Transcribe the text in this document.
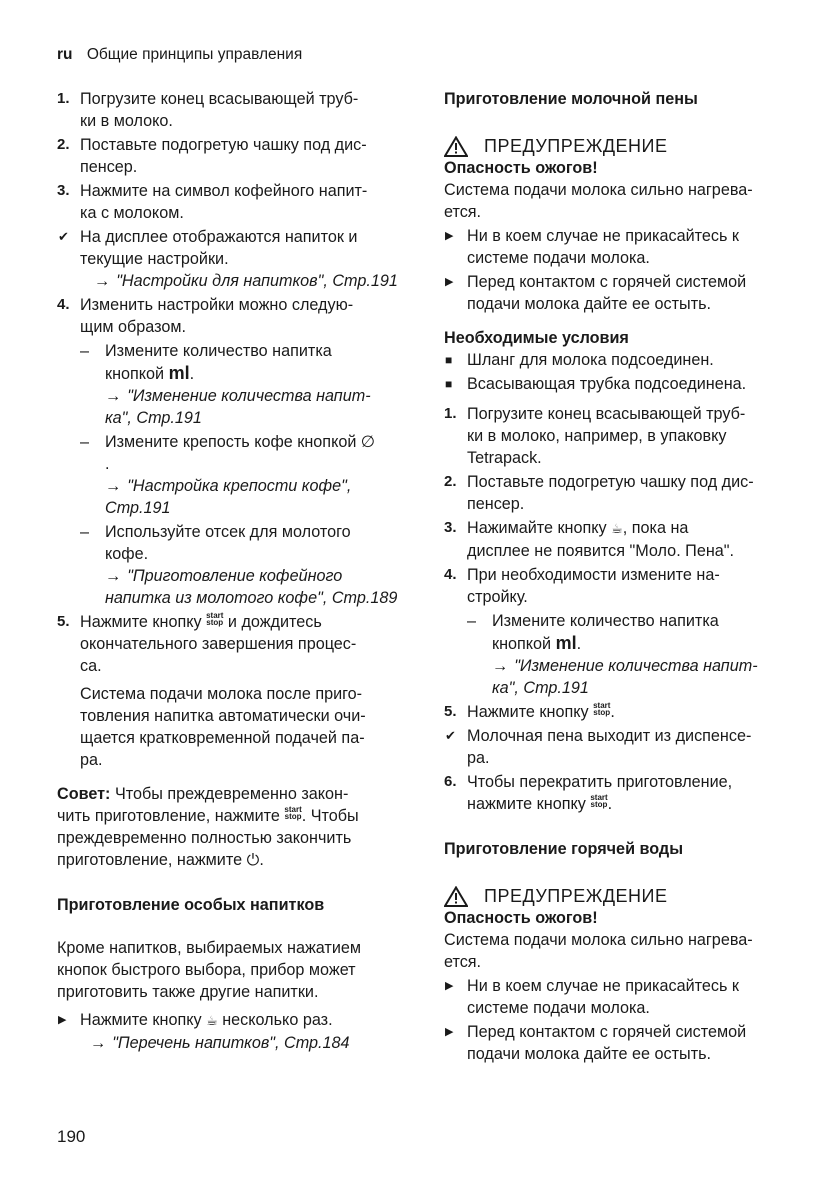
ru Общие принципы управления
1. Погрузите конец всасывающей труб-
ки в молоко.
2. Поставьте подогретую чашку под дис-
пенсер.
3. Нажмите на символ кофейного напит-
ка с молоком.
✔ На дисплее отображаются напиток и
текущие настройки.
→ "Настройки для напитков", Стр.191
4. Изменить настройки можно следую-
щим образом.
– Измените количество напитка
кнопкой ml.
→ "Изменение количества напит-
ка", Стр.191
– Измените крепость кофе кнопкой ∅
.
→ "Настройка крепости кофе",
Стр.191
– Используйте отсек для молотого
кофе.
→ "Приготовление кофейного
напитка из молотого кофе", Стр.189
5. Нажмите кнопку start
stop и дождитесь
окончательного завершения процес-
са.
Система подачи молока после приго-
товления напитка автоматически очи-
щается кратковременной подачей па-
ра.
Совет: Чтобы преждевременно закон-
чить приготовление, нажмите start
stop. Чтобы
преждевременно полностью закончить
приготовление, нажмите ⏻.
Приготовление особых напитков
Кроме напитков, выбираемых нажатием
кнопок быстрого выбора, прибор может
приготовить также другие напитки.
▶ Нажмите кнопку ☕ несколько раз.
→ "Перечень напитков", Стр.184
Приготовление молочной пены
ПРЕДУПРЕЖДЕНИЕ
Опасность ожогов!
Система подачи молока сильно нагрева-
ется.
▶ Ни в коем случае не прикасайтесь к
системе подачи молока.
▶ Перед контактом с горячей системой
подачи молока дайте ее остыть.
Необходимые условия
■ Шланг для молока подсоединен.
■ Всасывающая трубка подсоединена.
1. Погрузите конец всасывающей труб-
ки в молоко, например, в упаковку
Tetrapack.
2. Поставьте подогретую чашку под дис-
пенсер.
3. Нажимайте кнопку ☕, пока на
дисплее не появится "Моло. Пена".
4. При необходимости измените на-
стройку.
– Измените количество напитка
кнопкой ml.
→ "Изменение количества напит-
ка", Стр.191
5. Нажмите кнопку start
stop.
✔ Молочная пена выходит из диспенсе-
ра.
6. Чтобы перекратить приготовление,
нажмите кнопку start
stop.
Приготовление горячей воды
ПРЕДУПРЕЖДЕНИЕ
Опасность ожогов!
Система подачи молока сильно нагрева-
ется.
▶ Ни в коем случае не прикасайтесь к
системе подачи молока.
▶ Перед контактом с горячей системой
подачи молока дайте ее остыть.
190
